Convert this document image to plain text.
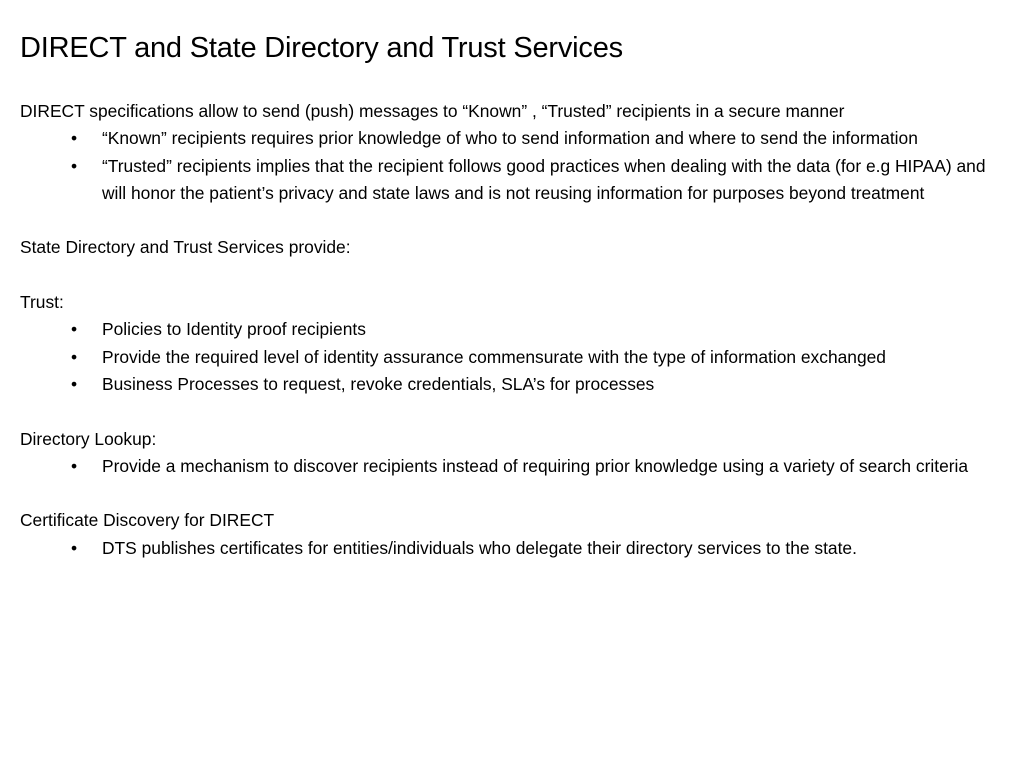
DIRECT and State Directory and Trust Services

DIRECT specifications allow to send (push) messages to “Known” , “Trusted” recipients in a secure manner

• “Known” recipients requires prior knowledge of who to send information and where to send the information
• “Trusted” recipients implies that the recipient follows good practices when dealing with the data (for e.g HIPAA) and will honor the patient’s privacy and state laws and is not reusing information for purposes beyond treatment

State Directory and Trust Services provide:

Trust:

• Policies to Identity proof recipients
• Provide the required level of identity assurance commensurate with the type of information exchanged
• Business Processes to request, revoke credentials, SLA’s for processes

Directory Lookup:

• Provide a mechanism to discover recipients instead of requiring prior knowledge using a variety of search criteria

Certificate Discovery for DIRECT

• DTS publishes certificates for entities/individuals who delegate their directory services to the state.
